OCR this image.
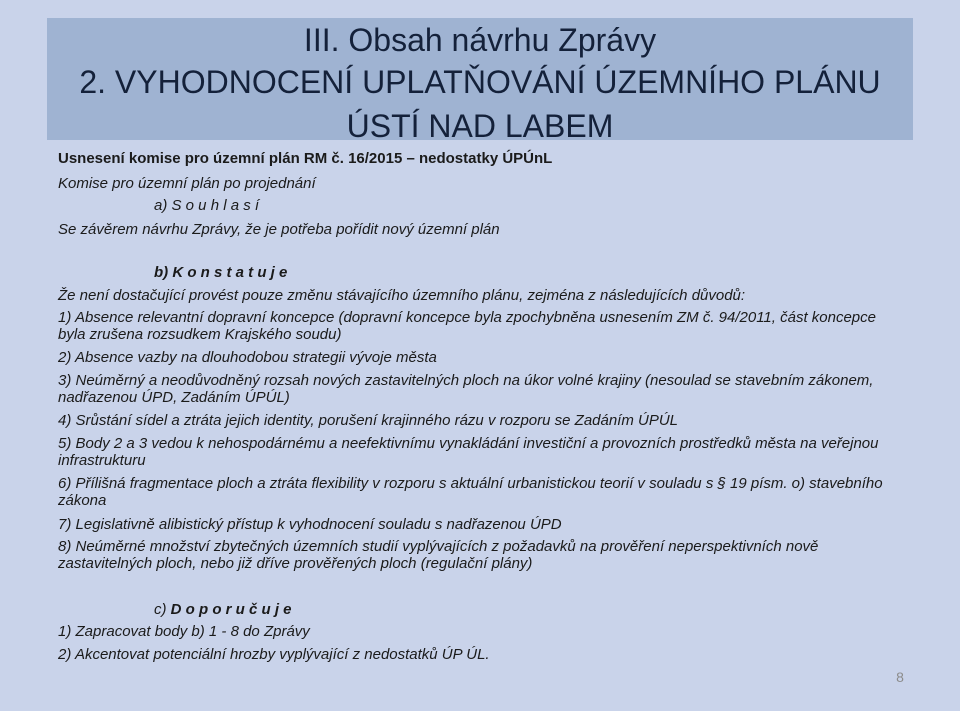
III. Obsah návrhu Zprávy
2. VYHODNOCENÍ UPLATŇOVÁNÍ ÚZEMNÍHO PLÁNU
ÚSTÍ NAD LABEM
Usnesení komise pro územní plán RM č. 16/2015 – nedostatky ÚPÚnL
Komise pro územní plán po projednání
a) S o u h l a s í
Se závěrem návrhu Zprávy, že je potřeba pořídit nový územní plán
b) K o n s t a t u j e
Že není dostačující provést pouze změnu stávajícího územního plánu, zejména z následujících důvodů:
1) Absence relevantní dopravní koncepce (dopravní koncepce byla zpochybněna usnesením ZM č. 94/2011, část koncepce byla zrušena rozsudkem Krajského soudu)
2) Absence vazby na dlouhodobou strategii vývoje města
3) Neúměrný a neodůvodněný rozsah nových zastavitelných ploch na úkor volné krajiny (nesoulad se stavebním zákonem, nadřazenou ÚPD, Zadáním ÚPÚL)
4) Srůstání sídel a ztráta jejich identity, porušení krajinného rázu v rozporu se Zadáním ÚPÚL
5) Body 2 a 3 vedou k nehospodárnému a neefektivnímu vynakládání investiční a provozních prostředků města na veřejnou infrastrukturu
6) Přílišná fragmentace ploch a ztráta flexibility v rozporu s aktuální urbanistickou teorií v souladu s § 19 písm. o) stavebního zákona
7) Legislativně alibistický přístup k vyhodnocení souladu s nadřazenou ÚPD
8) Neúměrné množství zbytečných územních studií vyplývajících z požadavků na prověření neperspektivních nově zastavitelných ploch, nebo již dříve prověřených ploch (regulační plány)
c) D o p o r u č u j e
1) Zapracovat body b) 1 - 8 do Zprávy
2) Akcentovat potenciální hrozby vyplývající z nedostatků ÚP ÚL.
8
